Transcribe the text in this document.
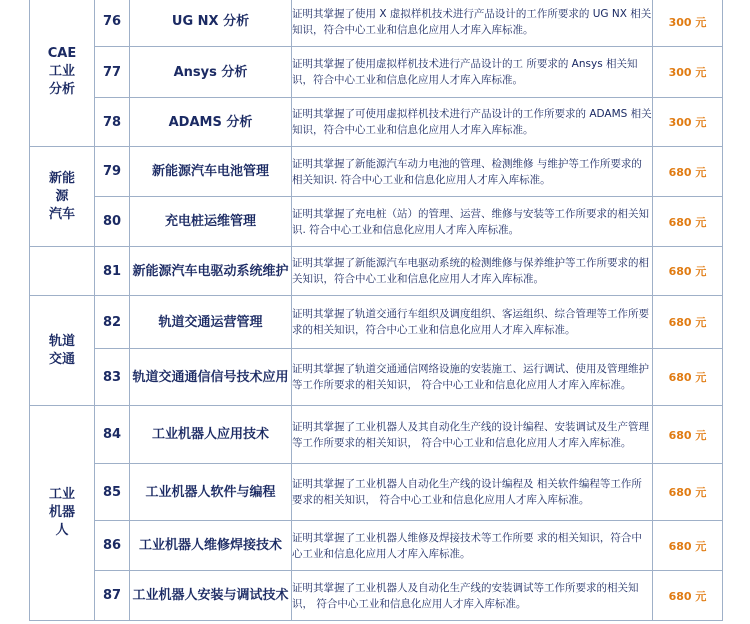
CAE
工业
分析	76	UG NX 分析	证明其掌握了使用 X 虚拟样机技术进行产品设计的工作所要求的 UG NX 相关知识，符合中心工业和信息化应用人才库入库标准。	300 元
	77	Ansys 分析	证明其掌握了使用虚拟样机技术进行产品设计的工 所要求的 Ansys 相关知识，符合中心工业和信息化应用人才库入库标准。	300 元
	78	ADAMS 分析	证明其掌握了可使用虚拟样机技术进行产品设计的工作所要求的 ADAMS 相关知识，符合中心工业和信息化应用人才库入库标准。	300 元

新能
源
汽车	79	新能源汽车电池管理	证明其掌握了新能源汽车动力电池的管理、检测维修 与维护等工作所要求的相关知识. 符合中心工业和信息化应用人才库入库标准。	680 元
	80	充电桩运维管理	证明其掌握了充电桩（站）的管理、运营、维修与安装等工作所要求的相关知识. 符合中心工业和信息化应用人才库入库标准。	680 元
	81	新能源汽车电驱动系统维护	证明其掌握了新能源汽车电驱动系统的检测维修与保养维护等工作所要求的相关知识，符合中心工业和信息化应用人才库入库标准。	680 元

轨道
交通	82	轨道交通运营管理	证明其掌握了轨道交通行车组织及调度组织、客运组织、综合管理等工作所要求的相关知识，符合中心工业和信息化应用人才库入库标准。	680 元
	83	轨道交通通信信号技术应用	证明其掌握了轨道交通通信网络设施的安装施工、运行调试、使用及管理维护等工作所要求的相关知识， 符合中心工业和信息化应用人才库入库标准。	680 元

工业
机器
人	84	工业机器人应用技术	证明其掌握了工业机器人及其自动化生产线的设计编程、安装调试及生产管理等工作所要求的相关知识， 符合中心工业和信息化应用人才库入库标准。	680 元
	85	工业机器人软件与编程	证明其掌握了工业机器人自动化生产线的设计编程及 相关软件编程等工作所要求的相关知识， 符合中心工业和信息化应用人才库入库标准。	680 元
	86	工业机器人维修焊接技术	证明其掌握了工业机器人维修及焊接技术等工作所要 求的相关知识，符合中心工业和信息化应用人才库入库标准。	680 元
	87	工业机器人安装与调试技术	证明其掌握了工业机器人及自动化生产线的安装调试等工作所要求的相关知识， 符合中心工业和信息化应用人才库入库标准。	680 元
